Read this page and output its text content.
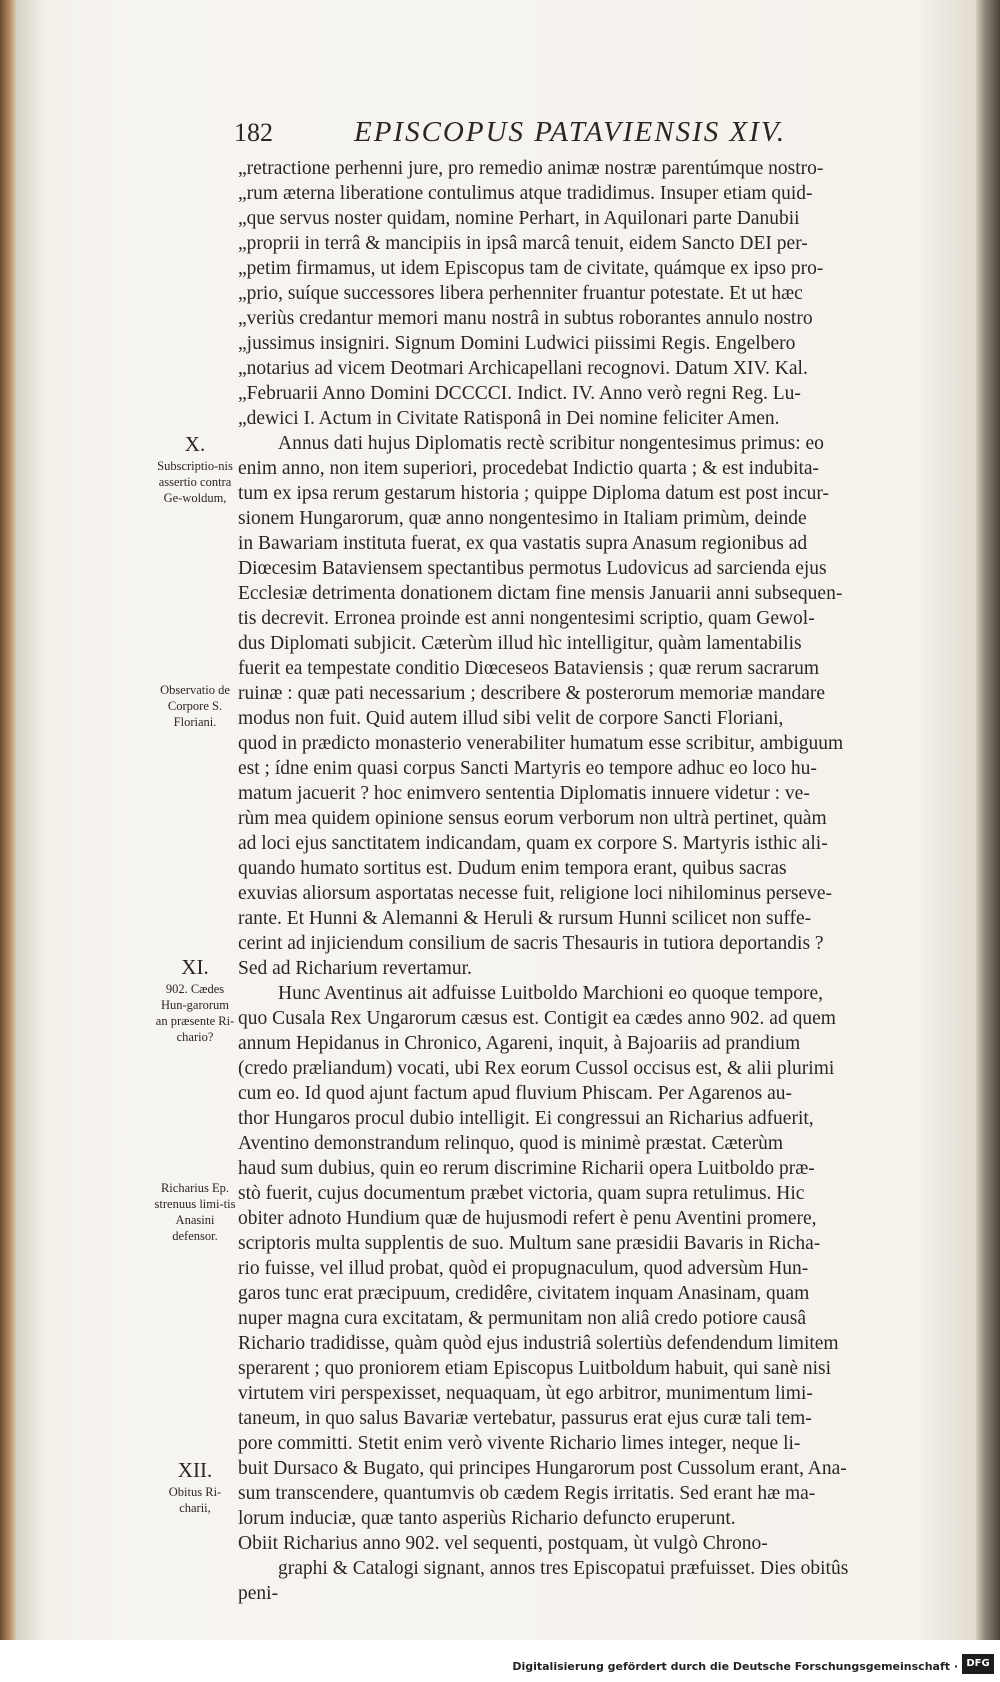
182	EPISCOPUS PATAVIENSIS XIV.
„retractione perhenni jure, pro remedio animæ nostræ parentúmque nostro-
„rum æterna liberatione contulimus atque tradidimus. Insuper etiam quid-
„que servus noster quidam, nomine Perhart, in Aquilonari parte Danubii
„proprii in terrâ & mancipiis in ipsâ marcâ tenuit, eidem Sancto DEI per-
„petim firmamus, ut idem Episcopus tam de civitate, quámque ex ipso pro-
„prio, suíque successores libera perhenniter fruantur potestate. Et ut hæc
„veriùs credantur memori manu nostrâ in subtus roborantes annulo nostro
„jussimus insigniri. Signum Domini Ludwici piissimi Regis. Engelbero
„notarius ad vicem Deotmari Archicapellani recognovi. Datum XIV. Kal.
„Februarii Anno Domini DCCCCI. Indict. IV. Anno verò regni Reg. Lu-
„dewici I. Actum in Civitate Ratisponâ in Dei nomine feliciter Amen.
Annus dati hujus Diplomatis rectè scribitur nongentesimus primus: eo
enim anno, non item superiori, procedebat Indictio quarta ; & est indubita-
tum ex ipsa rerum gestarum historia ; quippe Diploma datum est post incur-
sionem Hungarorum, quæ anno nongentesimo in Italiam primùm, deinde
in Bawariam instituta fuerat, ex qua vastatis supra Anasum regionibus ad
Diœcesim Bataviensem spectantibus permotus Ludovicus ad sarcienda ejus
Ecclesiæ detrimenta donationem dictam fine mensis Januarii anni subsequen-
tis decrevit. Erronea proinde est anni nongentesimi scriptio, quam Gewol-
dus Diplomati subjicit. Cæterùm illud hìc intelligitur, quàm lamentabilis
fuerit ea tempestate conditio Diœceseos Bataviensis ; quæ rerum sacrarum
ruinæ : quæ pati necessarium ; describere & posterorum memoriæ mandare
modus non fuit. Quid autem illud sibi velit de corpore Sancti Floriani,
quod in prædicto monasterio venerabiliter humatum esse scribitur, ambiguum
est ; ídne enim quasi corpus Sancti Martyris eo tempore adhuc eo loco hu-
matum jacuerit ? hoc enimvero sententia Diplomatis innuere videtur : ve-
rùm mea quidem opinione sensus eorum verborum non ultrà pertinet, quàm
ad loci ejus sanctitatem indicandam, quam ex corpore S. Martyris isthic ali-
quando humato sortitus est. Dudum enim tempora erant, quibus sacras
exuvias aliorsum asportatas necesse fuit, religione loci nihilominus perseve-
rante. Et Hunni & Alemanni & Heruli & rursum Hunni scilicet non suffe-
cerint ad injiciendum consilium de sacris Thesauris in tutiora deportandis ?
Sed ad Richarium revertamur.
Hunc Aventinus ait adfuisse Luitboldo Marchioni eo quoque tempore,
quo Cusala Rex Ungarorum cæsus est. Contigit ea cædes anno 902. ad quem
annum Hepidanus in Chronico, Agareni, inquit, à Bajoariis ad prandium
(credo præliandum) vocati, ubi Rex eorum Cussol occisus est, & alii plurimi
cum eo. Id quod ajunt factum apud fluvium Phiscam. Per Agarenos au-
thor Hungaros procul dubio intelligit. Ei congressui an Richarius adfuerit,
Aventino demonstrandum relinquo, quod is minimè præstat. Cæterùm
haud sum dubius, quin eo rerum discrimine Richarii opera Luitboldo præ-
stò fuerit, cujus documentum præbet victoria, quam supra retulimus. Hic
obiter adnoto Hundium quæ de hujusmodi refert è penu Aventini promere,
scriptoris multa supplentis de suo. Multum sane præsidii Bavaris in Richa-
rio fuisse, vel illud probat, quòd ei propugnaculum, quod adversùm Hun-
garos tunc erat præcipuum, credidêre, civitatem inquam Anasinam, quam
nuper magna cura excitatam, & permunitam non aliâ credo potiore causâ
Richario tradidisse, quàm quòd ejus industriâ solertiùs defendendum limitem
sperarent ; quo proniorem etiam Episcopus Luitboldum habuit, qui sanè nisi
virtutem viri perspexisset, nequaquam, ùt ego arbitror, munimentum limi-
taneum, in quo salus Bavariæ vertebatur, passurus erat ejus curæ tali tem-
pore committi. Stetit enim verò vivente Richario limes integer, neque li-
buit Dursaco & Bugato, qui principes Hungarorum post Cussolum erant, Ana-
sum transcendere, quantumvis ob cædem Regis irritatis. Sed erant hæ ma-
lorum induciæ, quæ tanto asperiùs Richario defuncto eruperunt.
Obiit Richarius anno 902. vel sequenti, postquam, ùt vulgò Chrono-
graphi & Catalogi signant, annos tres Episcopatui præfuisset. Dies obitûs
peni-
X.
Subscriptio-nis assertio contra Ge-woldum,
Observatio de Corpore S. Floriani.
XI.
902. Cædes Hun-garorum an præsente Ri-chario?
Richarius Ep. strenuus limi-tis Anasini defensor.
XII.
Obitus Ri-charii,
Digitalisierung gefördert durch die Deutsche Forschungsgemeinschaft · DFG
